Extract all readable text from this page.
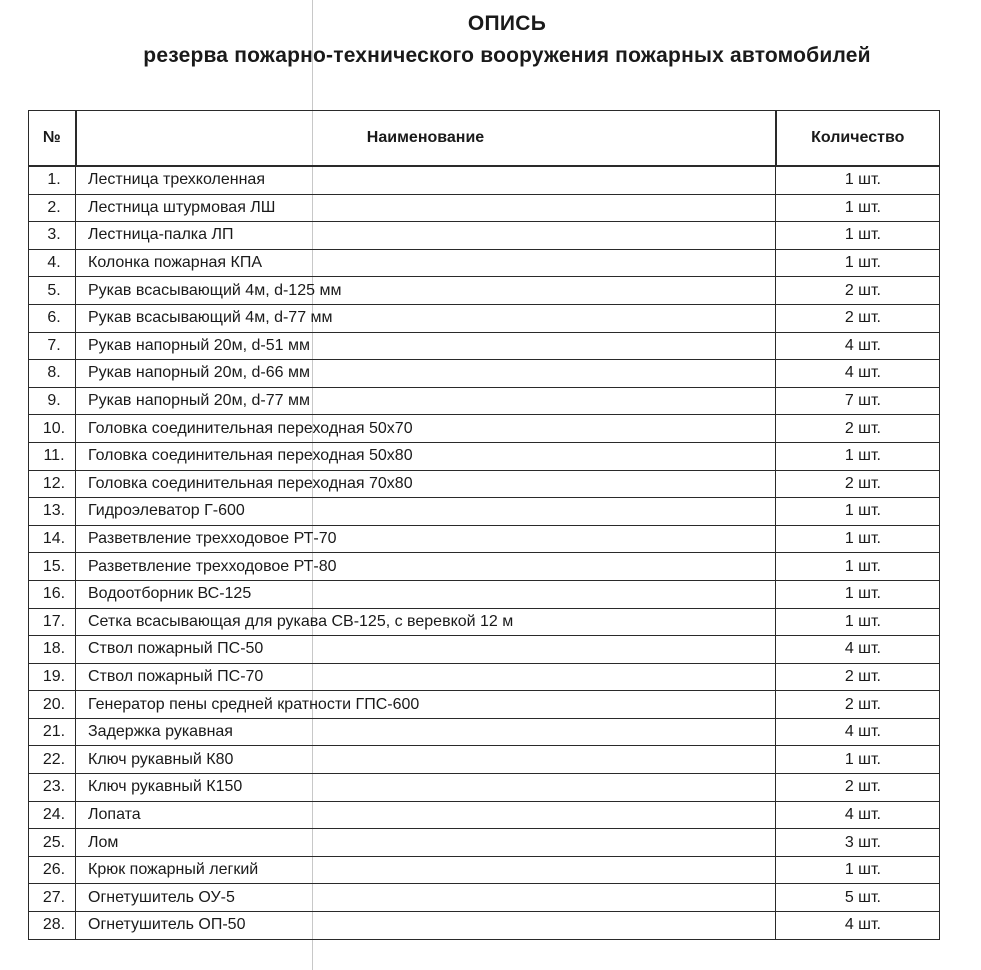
ОПИСЬ
резерва пожарно-технического вооружения пожарных автомобилей
№	Наименование	Количество
1.	Лестница трехколенная	1 шт.
2.	Лестница штурмовая ЛШ	1 шт.
3.	Лестница-палка ЛП	1 шт.
4.	Колонка пожарная КПА	1 шт.
5.	Рукав всасывающий 4м, d-125 мм	2 шт.
6.	Рукав всасывающий 4м, d-77 мм	2 шт.
7.	Рукав напорный 20м, d-51 мм	4 шт.
8.	Рукав напорный 20м, d-66 мм	4 шт.
9.	Рукав напорный 20м, d-77 мм	7 шт.
10.	Головка соединительная переходная 50х70	2 шт.
11.	Головка соединительная переходная 50х80	1 шт.
12.	Головка соединительная переходная 70х80	2 шт.
13.	Гидроэлеватор Г-600	1 шт.
14.	Разветвление трехходовое РТ-70	1 шт.
15.	Разветвление трехходовое РТ-80	1 шт.
16.	Водоотборник ВС-125	1 шт.
17.	Сетка всасывающая для рукава СВ-125, с веревкой 12 м	1 шт.
18.	Ствол пожарный ПС-50	4 шт.
19.	Ствол пожарный ПС-70	2 шт.
20.	Генератор пены средней кратности ГПС-600	2 шт.
21.	Задержка рукавная	4 шт.
22.	Ключ рукавный К80	1 шт.
23.	Ключ рукавный К150	2 шт.
24.	Лопата	4 шт.
25.	Лом	3 шт.
26.	Крюк пожарный легкий	1 шт.
27.	Огнетушитель ОУ-5	5 шт.
28.	Огнетушитель ОП-50	4 шт.
